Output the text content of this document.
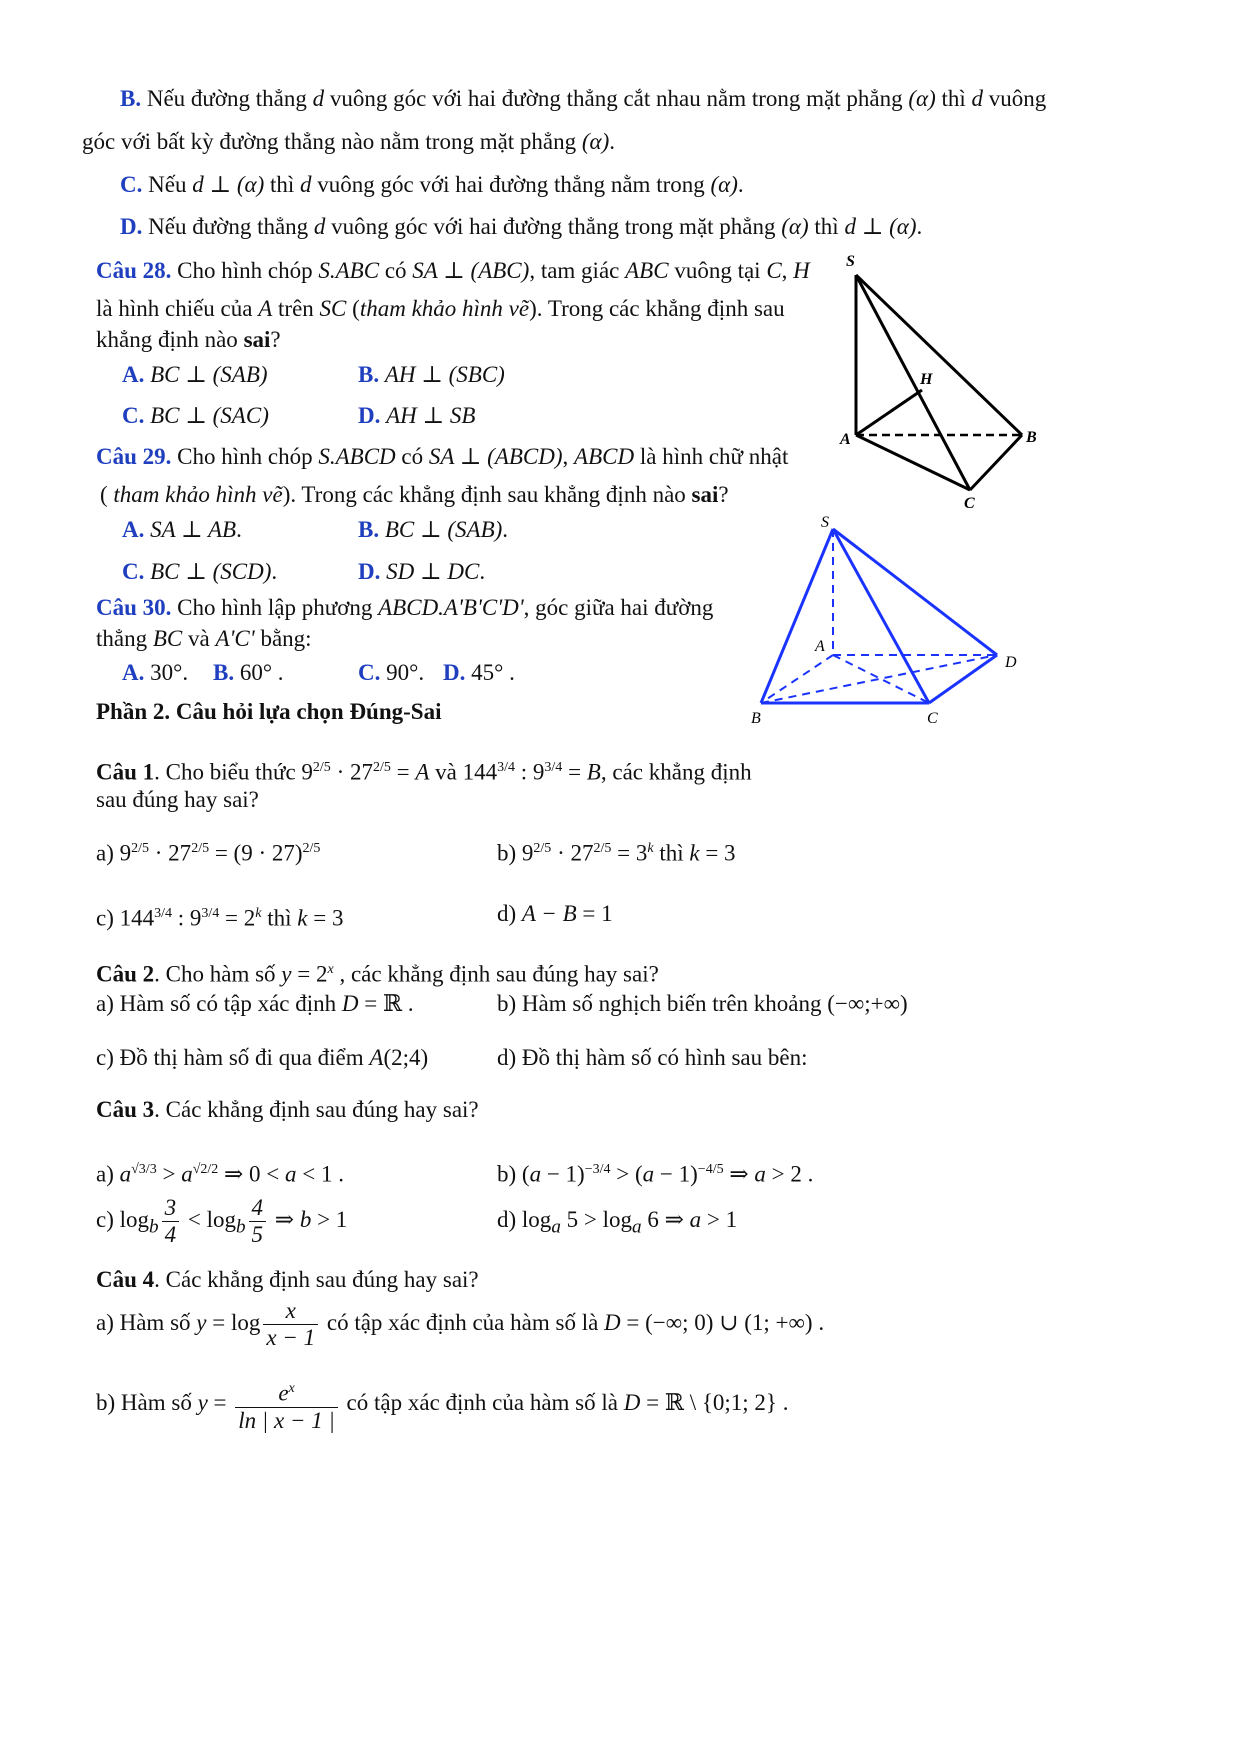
B. Nếu đường thẳng d vuông góc với hai đường thẳng cắt nhau nằm trong mặt phẳng (α) thì d vuông
góc với bất kỳ đường thẳng nào nằm trong mặt phẳng (α).
C. Nếu d ⊥ (α) thì d vuông góc với hai đường thẳng nằm trong (α).
D. Nếu đường thẳng d vuông góc với hai đường thẳng trong mặt phẳng (α) thì d ⊥ (α).
Câu 28. Cho hình chóp S.ABC có SA ⊥ (ABC), tam giác ABC vuông tại C, H
là hình chiếu của A trên SC (tham khảo hình vẽ). Trong các khẳng định sau
khẳng định nào sai?
A. BC ⊥ (SAB)	B. AH ⊥ (SBC)
C. BC ⊥ (SAC)	D. AH ⊥ SB
Câu 29. Cho hình chóp S.ABCD có SA ⊥ (ABCD), ABCD là hình chữ nhật
( tham khảo hình vẽ). Trong các khẳng định sau khẳng định nào sai?
A. SA ⊥ AB.	B. BC ⊥ (SAB).
C. BC ⊥ (SCD).	D. SD ⊥ DC.
Câu 30. Cho hình lập phương ABCD.A'B'C'D', góc giữa hai đường
thẳng BC và A'C' bằng:
A. 30°. B. 60° .	C. 90°. D. 45° .
Phần 2. Câu hỏi lựa chọn Đúng-Sai
Câu 1. Cho biểu thức $9^{2/5} \cdot 27^{2/5} = A$ và $144^{3/4}$ : $9^{3/4} = B$, các khẳng định
sau đúng hay sai?
a) $9^{2/5} \cdot 27^{2/5} = (9 \cdot 27)^{2/5}$	b) $9^{2/5} \cdot 27^{2/5} = 3^k$ thì k = 3
c) $144^{3/4}$ : $9^{3/4} = 2^k$ thì k = 3	d) A − B = 1
Câu 2. Cho hàm số $y = 2^x$ , các khẳng định sau đúng hay sai?
a) Hàm số có tập xác định D = ℝ .	b) Hàm số nghịch biến trên khoảng (−∞;+∞)
c) Đồ thị hàm số đi qua điểm A(2;4)	d) Đồ thị hàm số có hình sau bên:
Câu 3. Các khẳng định sau đúng hay sai?
a) $a^{√3/3} > a^{√2/2}$ ⇒ 0 < a < 1 .	b) $(a - 1)^{-3/4} > (a - 1)^{-4/5}$ ⇒ a > 2 .
c) $\log_b \frac{3}{4} < \log_b \frac{4}{5}$ ⇒ b > 1	d) $\log_a 5 > \log_a 6$ ⇒ a > 1
Câu 4. Các khẳng định sau đúng hay sai?
a) Hàm số $y = \log \frac{x}{x - 1}$ có tập xác định của hàm số là D = (−∞; 0) ∪ (1; +∞) .
b) Hàm số $y = \frac{e^x}{\ln | x - 1 |}$ có tập xác định của hàm số là D = ℝ \ {0;1; 2} .
S
H
A	B
C
S
A
D
B	C
